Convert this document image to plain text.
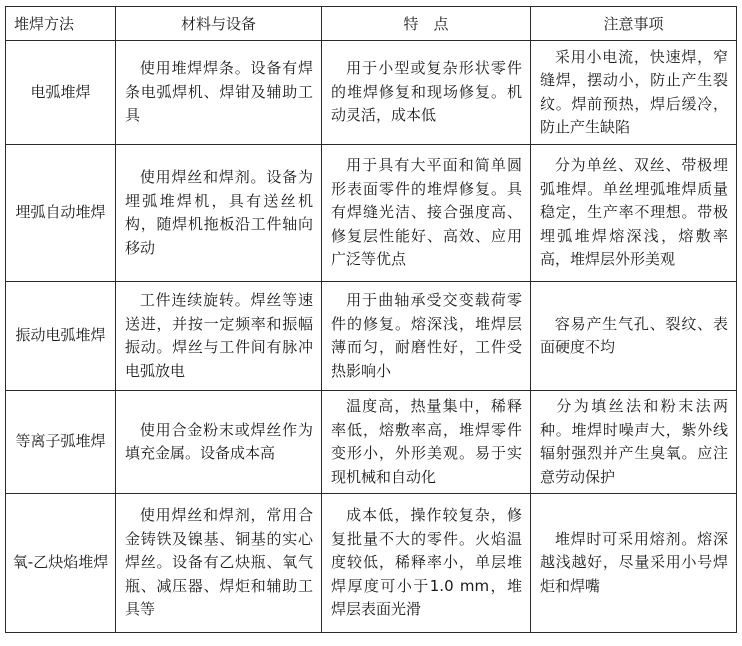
堆焊方法	材料与设备	特　点	注意事项
电弧堆焊	使用堆焊焊条。设备有焊条电弧焊机、焊钳及辅助工具	用于小型或复杂形状零件的堆焊修复和现场修复。机动灵活，成本低	采用小电流，快速焊，窄缝焊，摆动小，防止产生裂纹。焊前预热，焊后缓冷，防止产生缺陷
埋弧自动堆焊	使用焊丝和焊剂。设备为埋弧堆焊机，具有送丝机构，随焊机拖板沿工件轴向移动	用于具有大平面和简单圆形表面零件的堆焊修复。具有焊缝光洁、接合强度高、修复层性能好、高效、应用广泛等优点	分为单丝、双丝、带极埋弧堆焊。单丝埋弧堆焊质量稳定，生产率不理想。带极埋弧堆焊熔深浅，熔敷率高，堆焊层外形美观
振动电弧堆焊	工件连续旋转。焊丝等速送进，并按一定频率和振幅振动。焊丝与工件间有脉冲电弧放电	用于曲轴承受交变载荷零件的修复。熔深浅，堆焊层薄而匀，耐磨性好，工件受热影响小	容易产生气孔、裂纹、表面硬度不均
等离子弧堆焊	使用合金粉末或焊丝作为填充金属。设备成本高	温度高，热量集中，稀释率低，熔敷率高，堆焊零件变形小，外形美观。易于实现机械和自动化	分为填丝法和粉末法两种。堆焊时噪声大，紫外线辐射强烈并产生臭氧。应注意劳动保护
氧-乙炔焰堆焊	使用焊丝和焊剂，常用合金铸铁及镍基、铜基的实心焊丝。设备有乙炔瓶、氧气瓶、减压器、焊炬和辅助工具等	成本低，操作较复杂，修复批量不大的零件。火焰温度较低，稀释率小，单层堆焊厚度可小于1.0 mm，堆焊层表面光滑	堆焊时可采用熔剂。熔深越浅越好，尽量采用小号焊炬和焊嘴
